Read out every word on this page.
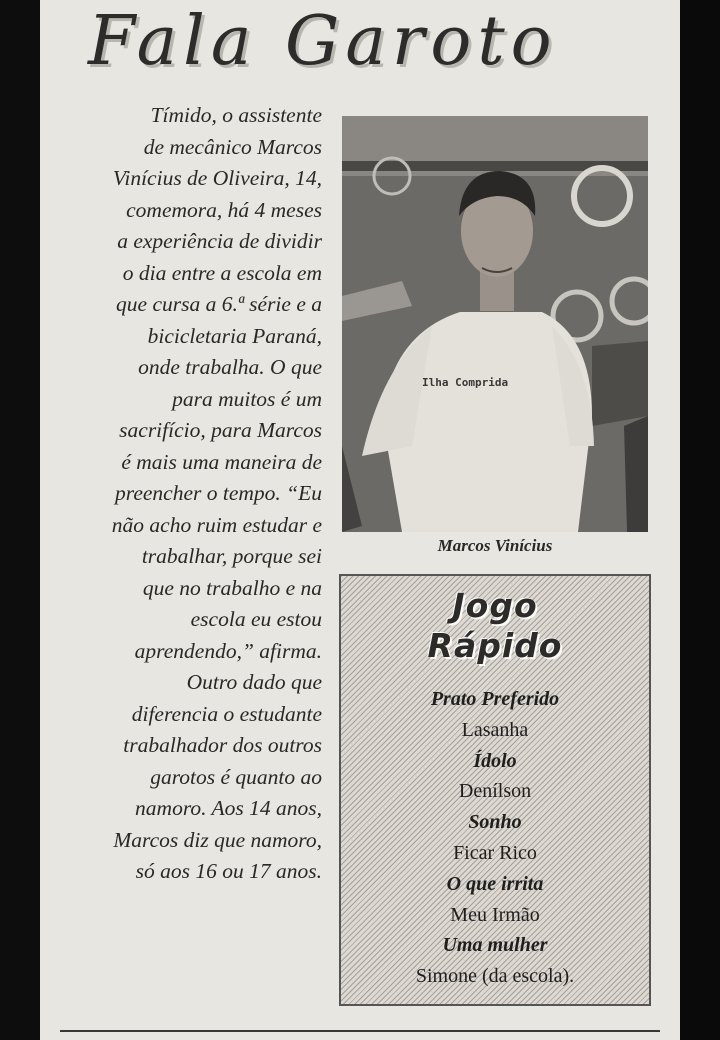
Fala Garoto

Tímido, o assistente
de mecânico Marcos
Vinícius de Oliveira, 14,
comemora, há 4 meses
a experiência de dividir
o dia entre a escola em
que cursa a 6.ª série e a
bicicletaria Paraná,
onde trabalha. O que
para muitos é um
sacrifício, para Marcos
é mais uma maneira de
preencher o tempo. “Eu
não acho ruim estudar e
trabalhar, porque sei
que no trabalho e na
escola eu estou
aprendendo,” afirma.
Outro dado que
diferencia o estudante
trabalhador dos outros
garotos é quanto ao
namoro. Aos 14 anos,
Marcos diz que namoro,
só aos 16 ou 17 anos.

Ilha Comprida
Marcos Vinícius
Jogo
Rápido
Prato Preferido
Lasanha
Ídolo
Denílson
Sonho
Ficar Rico
O que irrita
Meu Irmão
Uma mulher
Simone (da escola).
